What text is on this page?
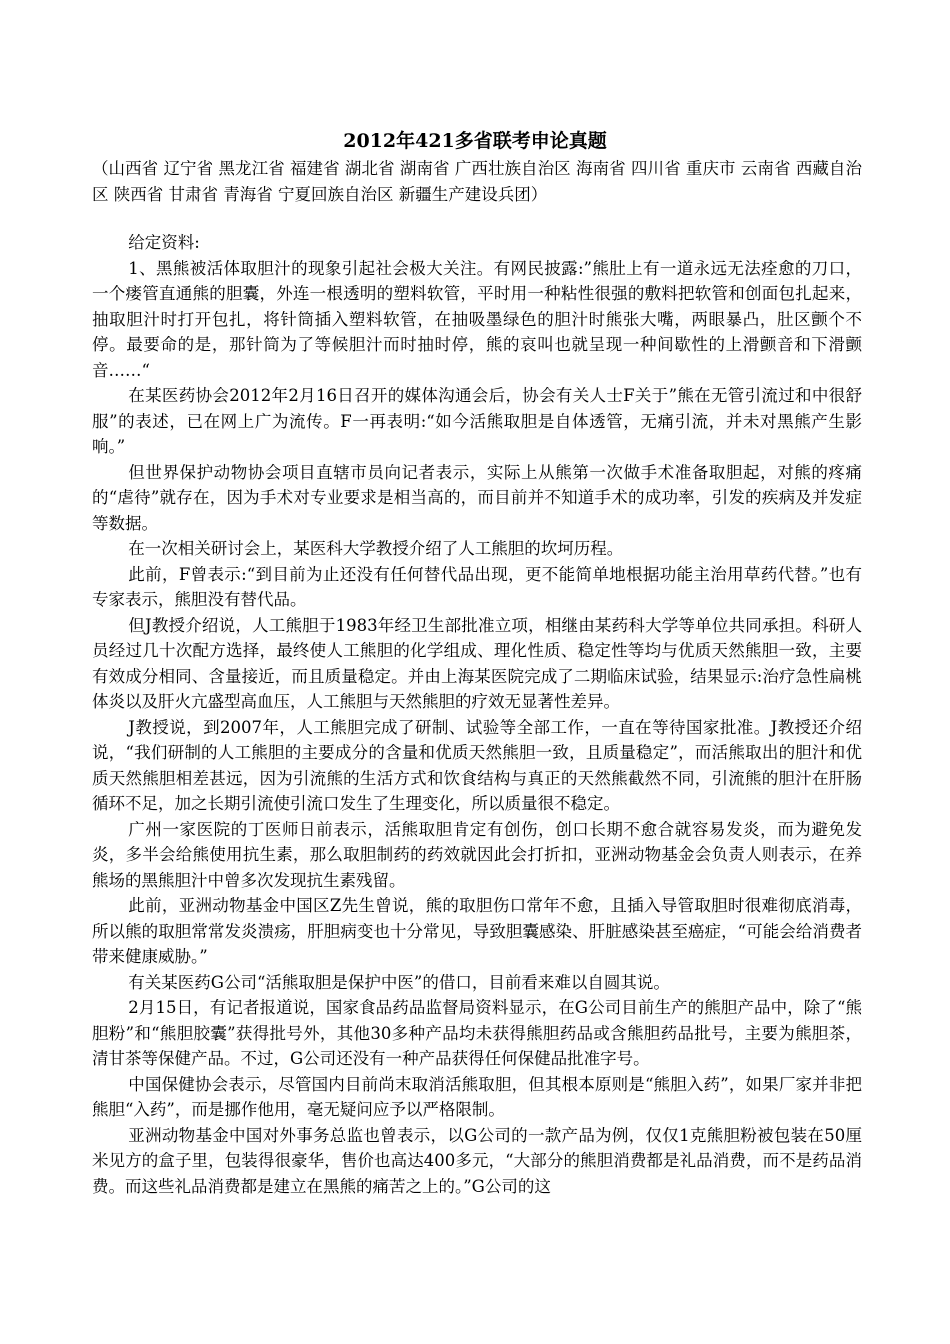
2012年421多省联考申论真题
（山西省 辽宁省 黑龙江省 福建省 湖北省 湖南省 广西壮族自治区 海南省 四川省 重庆市 云南省 西藏自治区 陕西省 甘肃省 青海省 宁夏回族自治区 新疆生产建设兵团）

给定资料:

1、黑熊被活体取胆汁的现象引起社会极大关注。有网民披露:”熊肚上有一道永远无法痊愈的刀口，一个瘘管直通熊的胆囊，外连一根透明的塑料软管，平时用一种粘性很强的敷料把软管和创面包扎起来，抽取胆汁时打开包扎，将针筒插入塑料软管，在抽吸墨绿色的胆汁时熊张大嘴，两眼暴凸，肚区颤个不停。最要命的是，那针筒为了等候胆汁而时抽时停，熊的哀叫也就呈现一种间歇性的上滑颤音和下滑颤音……“

在某医药协会2012年2月16日召开的媒体沟通会后，协会有关人士F关于”熊在无管引流过和中很舒服”的表述，已在网上广为流传。F一再表明:“如今活熊取胆是自体透管，无痛引流，并未对黑熊产生影响。”

但世界保护动物协会项目直辖市员向记者表示，实际上从熊第一次做手术准备取胆起，对熊的疼痛的“虐待”就存在，因为手术对专业要求是相当高的，而目前并不知道手术的成功率，引发的疾病及并发症等数据。

在一次相关研讨会上，某医科大学教授介绍了人工熊胆的坎坷历程。

此前，F曾表示:“到目前为止还没有任何替代品出现，更不能简单地根据功能主治用草药代替。”也有专家表示，熊胆没有替代品。

但J教授介绍说，人工熊胆于1983年经卫生部批准立项，相继由某药科大学等单位共同承担。科研人员经过几十次配方选择，最终使人工熊胆的化学组成、理化性质、稳定性等均与优质天然熊胆一致，主要有效成分相同、含量接近，而且质量稳定。并由上海某医院完成了二期临床试验，结果显示:治疗急性扁桃体炎以及肝火亢盛型高血压，人工熊胆与天然熊胆的疗效无显著性差异。

J教授说，到2007年，人工熊胆完成了研制、试验等全部工作，一直在等待国家批准。J教授还介绍说，“我们研制的人工熊胆的主要成分的含量和优质天然熊胆一致，且质量稳定”，而活熊取出的胆汁和优质天然熊胆相差甚远，因为引流熊的生活方式和饮食结构与真正的天然熊截然不同，引流熊的胆汁在肝肠循环不足，加之长期引流使引流口发生了生理变化，所以质量很不稳定。

广州一家医院的丁医师日前表示，活熊取胆肯定有创伤，创口长期不愈合就容易发炎，而为避免发炎，多半会给熊使用抗生素，那么取胆制药的药效就因此会打折扣，亚洲动物基金会负责人则表示，在养熊场的黑熊胆汁中曾多次发现抗生素残留。

此前，亚洲动物基金中国区Z先生曾说，熊的取胆伤口常年不愈，且插入导管取胆时很难彻底消毒，所以熊的取胆常常发炎溃疡，肝胆病变也十分常见，导致胆囊感染、肝脏感染甚至癌症，“可能会给消费者带来健康威胁。”

有关某医药G公司“活熊取胆是保护中医”的借口，目前看来难以自圆其说。

2月15日，有记者报道说，国家食品药品监督局资料显示，在G公司目前生产的熊胆产品中，除了“熊胆粉”和“熊胆胶囊”获得批号外，其他30多种产品均未获得熊胆药品或含熊胆药品批号，主要为熊胆茶，清甘茶等保健产品。不过，G公司还没有一种产品获得任何保健品批准字号。

中国保健协会表示，尽管国内目前尚末取消活熊取胆，但其根本原则是“熊胆入药”，如果厂家并非把熊胆“入药”，而是挪作他用，毫无疑问应予以严格限制。

亚洲动物基金中国对外事务总监也曾表示，以G公司的一款产品为例，仅仅1克熊胆粉被包装在50厘米见方的盒子里，包装得很豪华，售价也高达400多元，“大部分的熊胆消费都是礼品消费，而不是药品消费。而这些礼品消费都是建立在黑熊的痛苦之上的。”G公司的这
